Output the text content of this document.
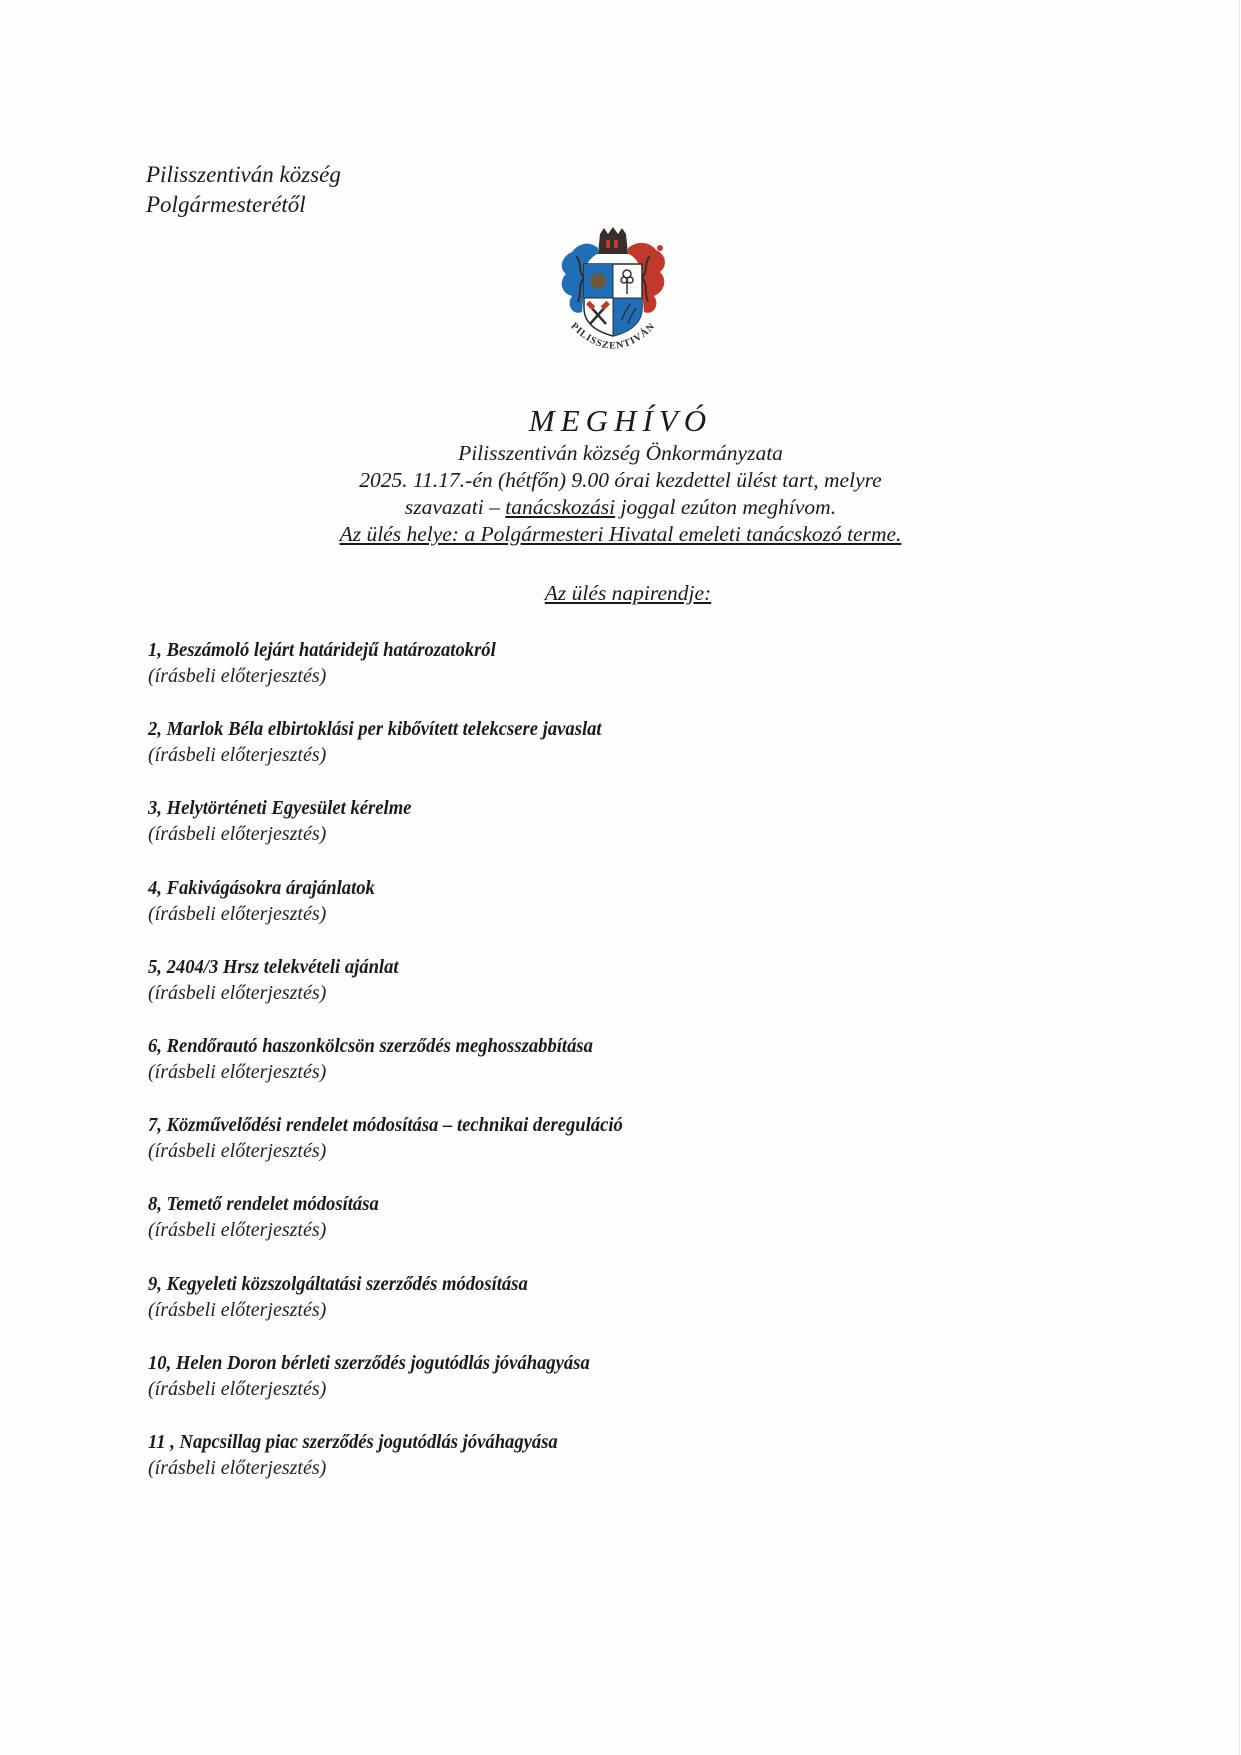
Pilisszentiván község
Polgármesterétől
PILISSZENTIVÁN
MEGHÍVÓ
Pilisszentiván község Önkormányzata
2025. 11.17.-én (hétfőn) 9.00 órai kezdettel ülést tart, melyre
szavazati – tanácskozási joggal ezúton meghívom.
Az ülés helye: a Polgármesteri Hivatal emeleti tanácskozó terme.
Az ülés napirendje:
1, Beszámoló lejárt határidejű határozatokról
(írásbeli előterjesztés)
2, Marlok Béla elbirtoklási per kibővített telekcsere javaslat
(írásbeli előterjesztés)
3, Helytörténeti Egyesület kérelme
(írásbeli előterjesztés)
4, Fakivágásokra árajánlatok
(írásbeli előterjesztés)
5, 2404/3 Hrsz telekvételi ajánlat
(írásbeli előterjesztés)
6, Rendőrautó haszonkölcsön szerződés meghosszabbítása
(írásbeli előterjesztés)
7, Közművelődési rendelet módosítása – technikai dereguláció
(írásbeli előterjesztés)
8, Temető rendelet módosítása
(írásbeli előterjesztés)
9, Kegyeleti közszolgáltatási szerződés módosítása
(írásbeli előterjesztés)
10, Helen Doron bérleti szerződés jogutódlás jóváhagyása
(írásbeli előterjesztés)
11 , Napcsillag piac szerződés jogutódlás jóváhagyása
(írásbeli előterjesztés)
